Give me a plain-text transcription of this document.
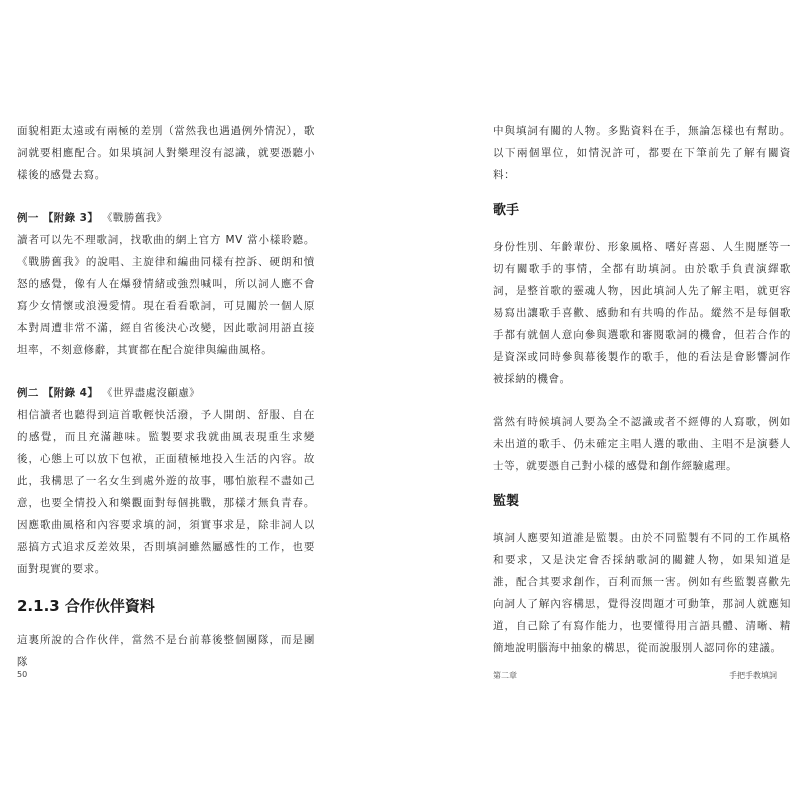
面貌相距太遠或有兩極的差別（當然我也遇過例外情況），歌詞就要相應配合。如果填詞人對樂理沒有認識，就要憑聽小樣後的感覺去寫。

例一 【附錄 3】 《戰勝舊我》

讀者可以先不理歌詞，找歌曲的網上官方 MV 當小樣聆聽。《戰勝舊我》的說唱、主旋律和編曲同樣有控訴、硬朗和憤怒的感覺，像有人在爆發情緒或強烈喊叫，所以詞人應不會寫少女情懷或浪漫愛情。現在看看歌詞，可見關於一個人原本對周遭非常不滿，經自省後決心改變，因此歌詞用語直接坦率，不刻意修辭，其實都在配合旋律與編曲風格。

例二 【附錄 4】 《世界盡處沒顧慮》

相信讀者也聽得到這首歌輕快活潑，予人開朗、舒服、自在的感覺，而且充滿趣味。監製要求我就曲風表現重生求變後，心態上可以放下包袱，正面積極地投入生活的內容。故此，我構思了一名女生到處外遊的故事，哪怕旅程不盡如己意，也要全情投入和樂觀面對每個挑戰，那樣才無負青春。因應歌曲風格和內容要求填的詞，須實事求是，除非詞人以惡搞方式追求反差效果，否則填詞雖然屬感性的工作，也要面對現實的要求。

2.1.3 合作伙伴資料

這裏所說的合作伙伴，當然不是台前幕後整個團隊，而是團隊

50

中與填詞有關的人物。多點資料在手，無論怎樣也有幫助。以下兩個單位，如情況許可，都要在下筆前先了解有關資料：

歌手

身份性別、年齡輩份、形象風格、嗜好喜惡、人生閱歷等一切有關歌手的事情，全都有助填詞。由於歌手負責演繹歌詞，是整首歌的靈魂人物，因此填詞人先了解主唱，就更容易寫出讓歌手喜歡、感動和有共鳴的作品。縱然不是每個歌手都有就個人意向參與選歌和審閱歌詞的機會，但若合作的是資深或同時參與幕後製作的歌手，他的看法是會影響詞作被採納的機會。

當然有時候填詞人要為全不認識或者不經傳的人寫歌，例如未出道的歌手、仍未確定主唱人選的歌曲、主唱不是演藝人士等，就要憑自己對小樣的感覺和創作經驗處理。

監製

填詞人應要知道誰是監製。由於不同監製有不同的工作風格和要求，又是決定會否採納歌詞的關鍵人物，如果知道是誰，配合其要求創作，百利而無一害。例如有些監製喜歡先向詞人了解內容構思，覺得沒問題才可動筆，那詞人就應知道，自己除了有寫作能力，也要懂得用言語具體、清晰、精簡地說明腦海中抽象的構思，從而說服別人認同你的建議。

第二章	手把手教填詞
